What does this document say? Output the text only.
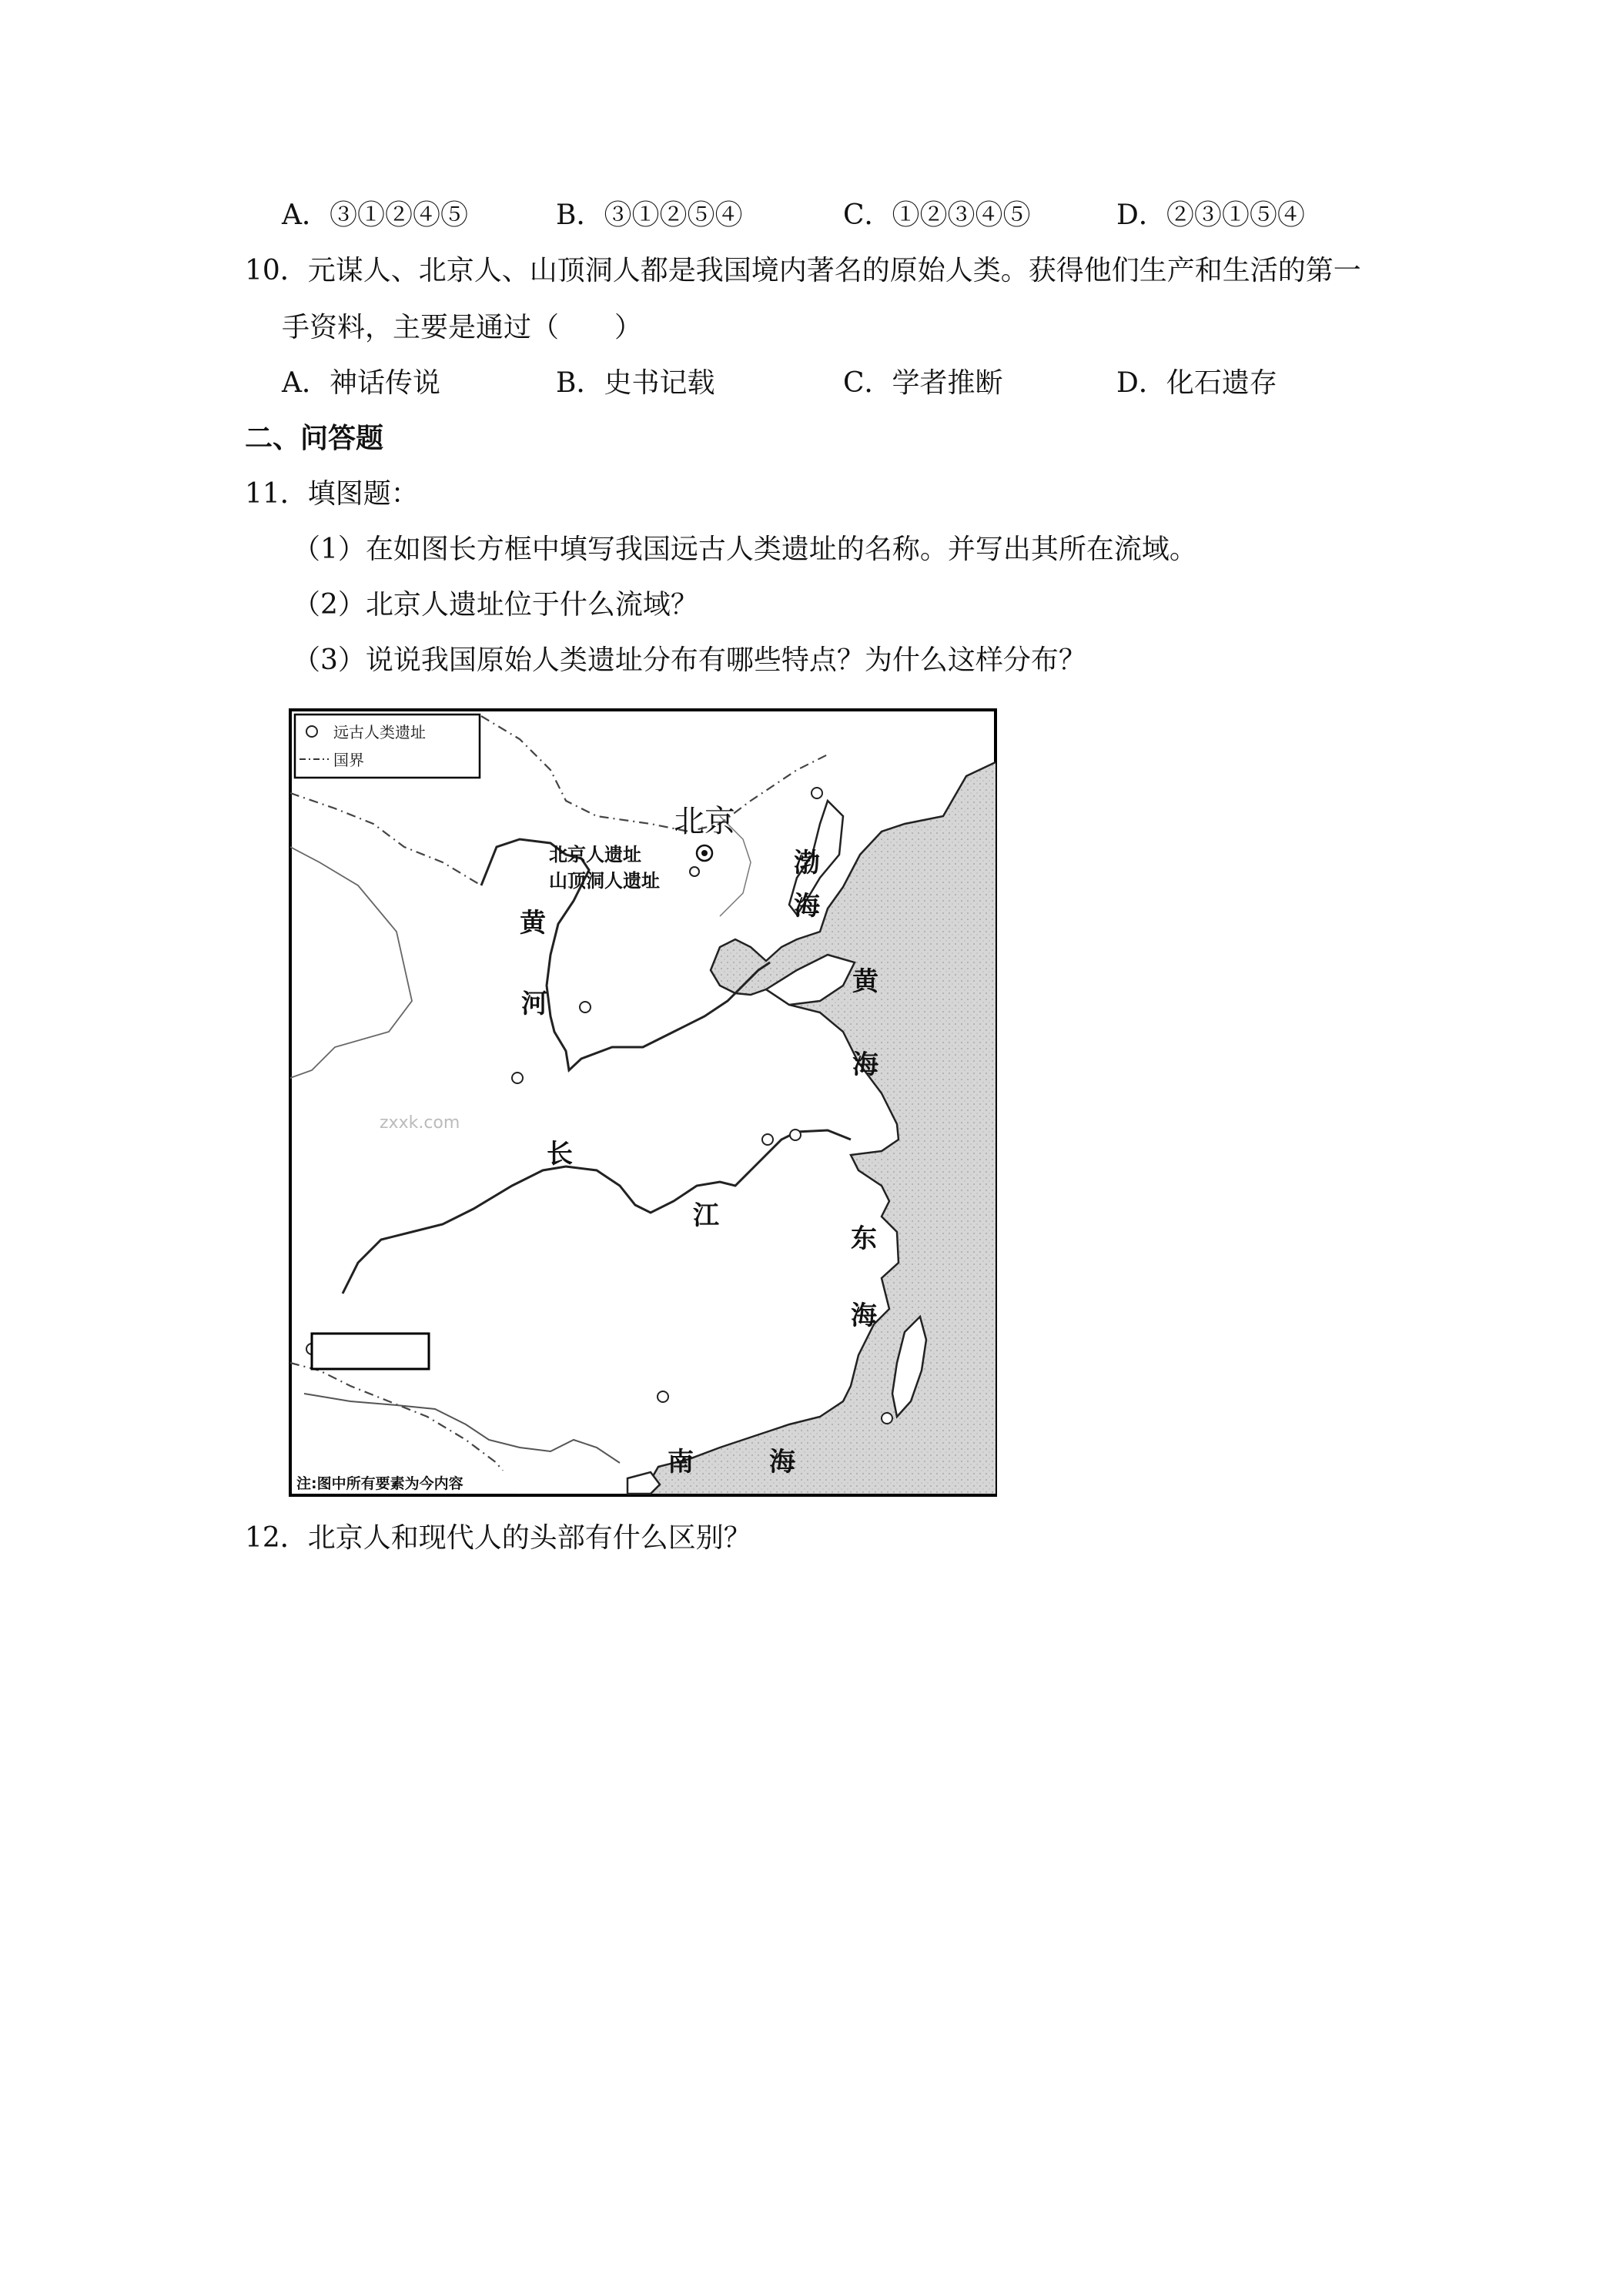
A．③①②④⑤	B．③①②⑤④	C．①②③④⑤	D．②③①⑤④
10．元谋人、北京人、山顶洞人都是我国境内著名的原始人类。获得他们生产和生活的第一
手资料，主要是通过（　　）
A．神话传说	B．史书记载	C．学者推断	D．化石遗存
二、问答题
11．填图题：
（1）在如图长方框中填写我国远古人类遗址的名称。并写出其所在流域。
（2）北京人遗址位于什么流域？
（3）说说我国原始人类遗址分布有哪些特点？为什么这样分布？
远古人类遗址
国界
北京
北京人遗址
山顶洞人遗址
黄
河
长
江
渤
海
黄
海
东
海
南	海
zxxk.com
注:图中所有要素为今内容
12．北京人和现代人的头部有什么区别？
